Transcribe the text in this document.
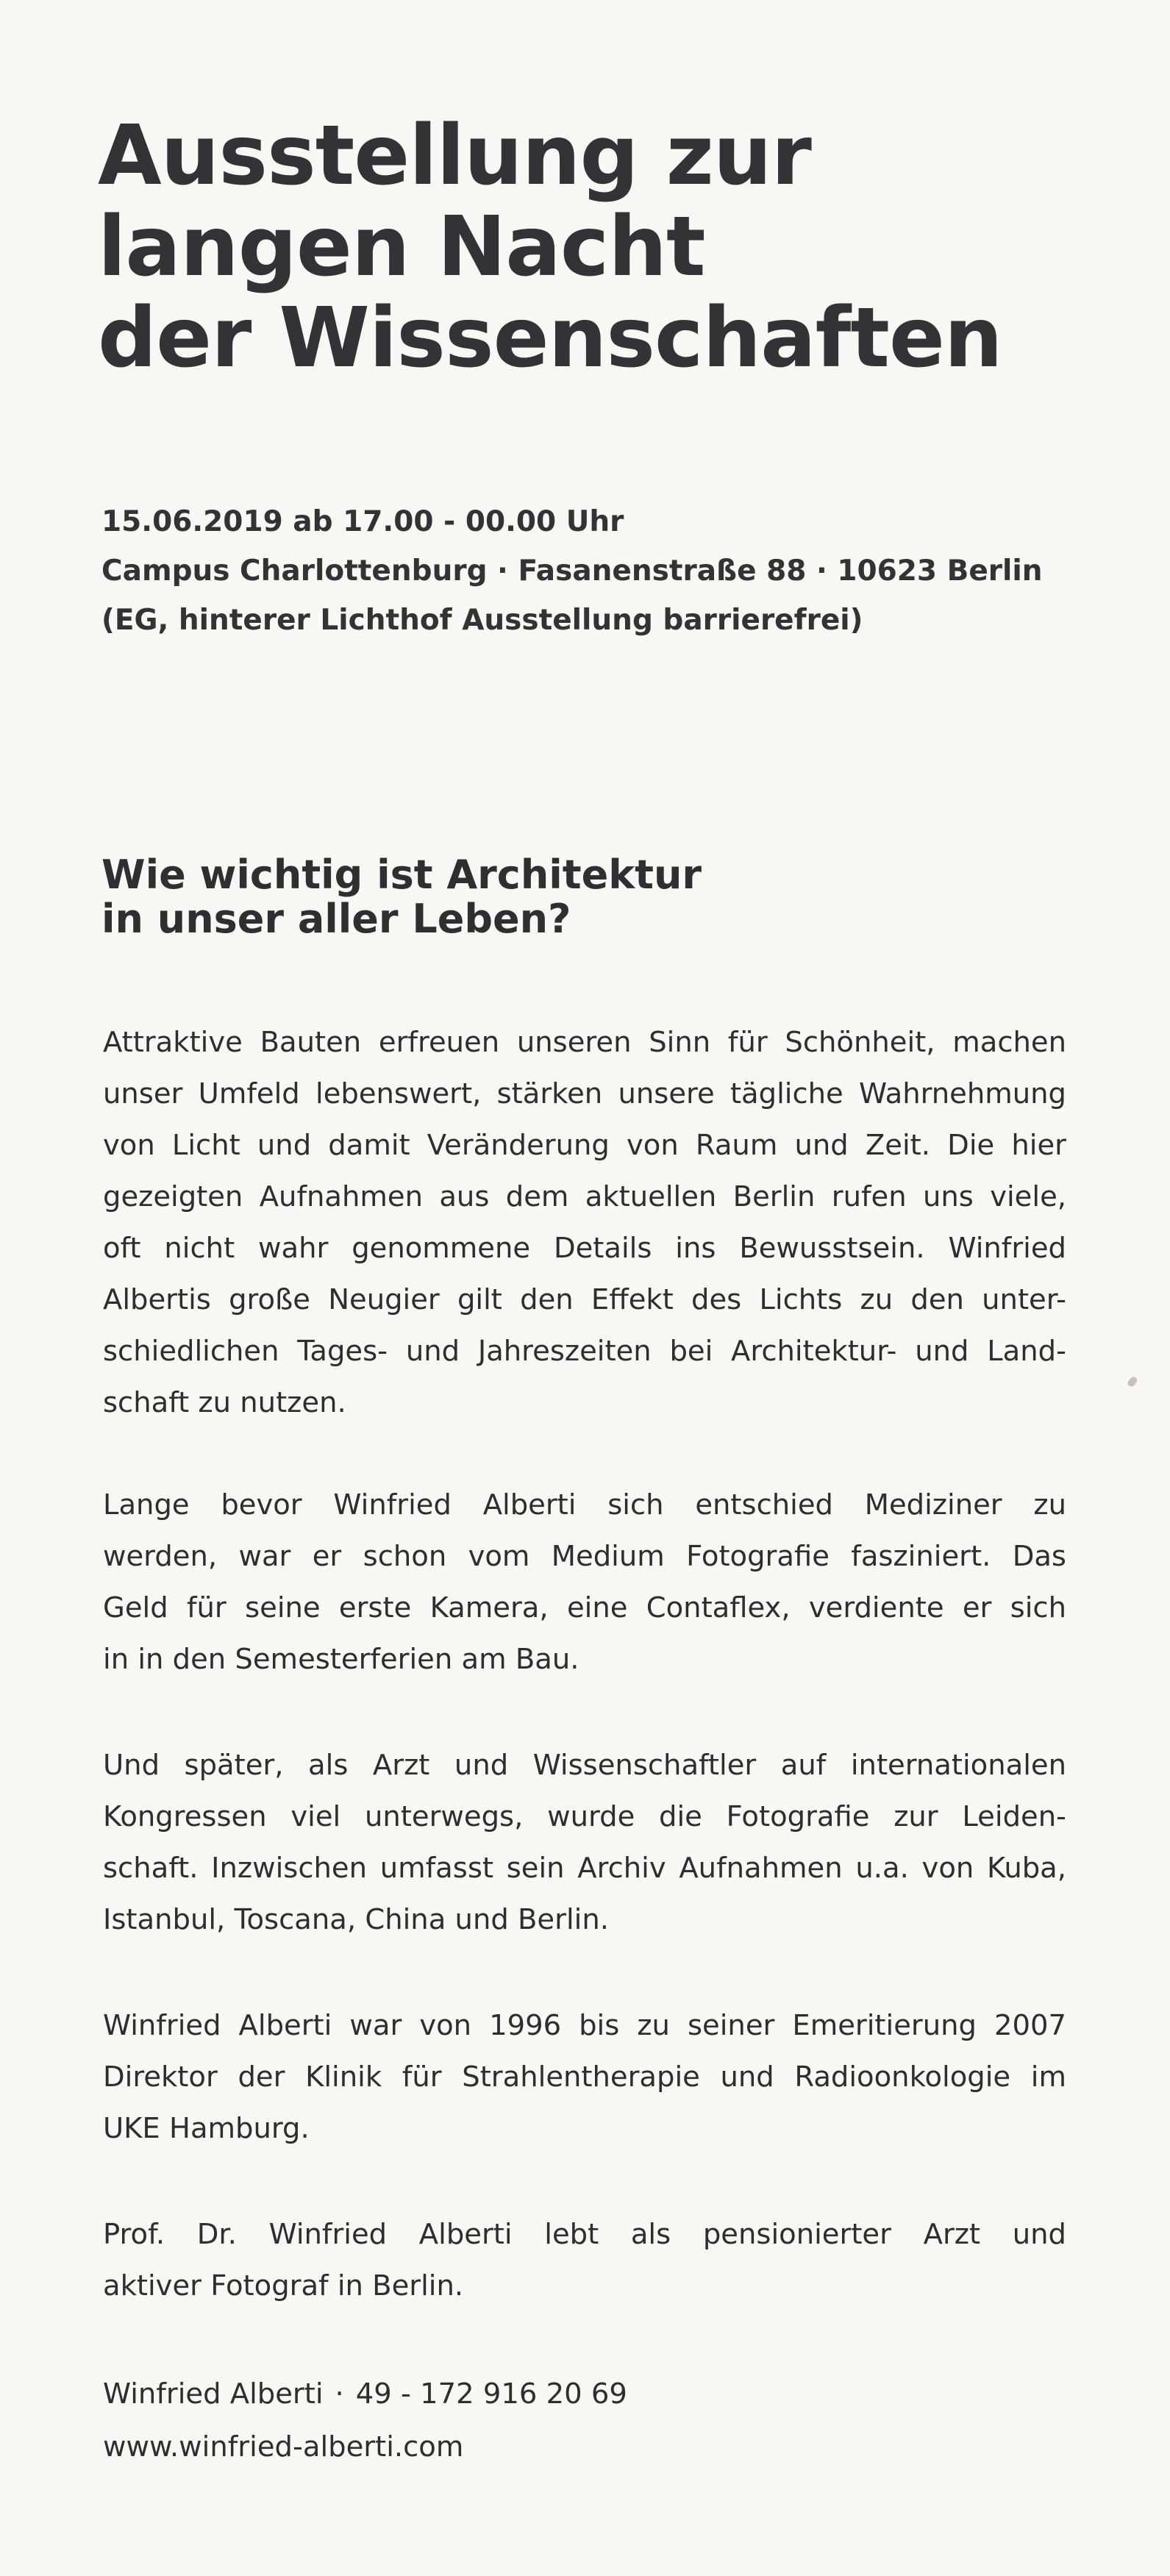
Ausstellung zur
langen Nacht
der Wissenschaften
15.06.2019 ab 17.00 - 00.00 Uhr
Campus Charlottenburg · Fasanenstraße 88 · 10623 Berlin
(EG, hinterer Lichthof Ausstellung barrierefrei)
Wie wichtig ist Architektur
in unser aller Leben?

Attraktive Bauten erfreuen unseren Sinn für Schönheit, machen
unser Umfeld lebenswert, stärken unsere tägliche Wahrnehmung
von Licht und damit Veränderung von Raum und Zeit. Die hier
gezeigten Aufnahmen aus dem aktuellen Berlin rufen uns viele,
oft nicht wahr genommene Details ins Bewusstsein. Winfried
Albertis große Neugier gilt den Effekt des Lichts zu den unter-
schiedlichen Tages- und Jahreszeiten bei Architektur- und Land-
schaft zu nutzen.

Lange bevor Winfried Alberti sich entschied Mediziner zu
werden, war er schon vom Medium Fotografie fasziniert. Das
Geld für seine erste Kamera, eine Contaflex, verdiente er sich
in in den Semesterferien am Bau.

Und später, als Arzt und Wissenschaftler auf internationalen
Kongressen viel unterwegs, wurde die Fotografie zur Leiden-
schaft. Inzwischen umfasst sein Archiv Aufnahmen u.a. von Kuba,
Istanbul, Toscana, China und Berlin.

Winfried Alberti war von 1996 bis zu seiner Emeritierung 2007
Direktor der Klinik für Strahlentherapie und Radioonkologie im
UKE Hamburg.

Prof. Dr. Winfried Alberti lebt als pensionierter Arzt und
aktiver Fotograf in Berlin.

Winfried Alberti · 49 - 172 916 20 69
www.winfried-alberti.com
